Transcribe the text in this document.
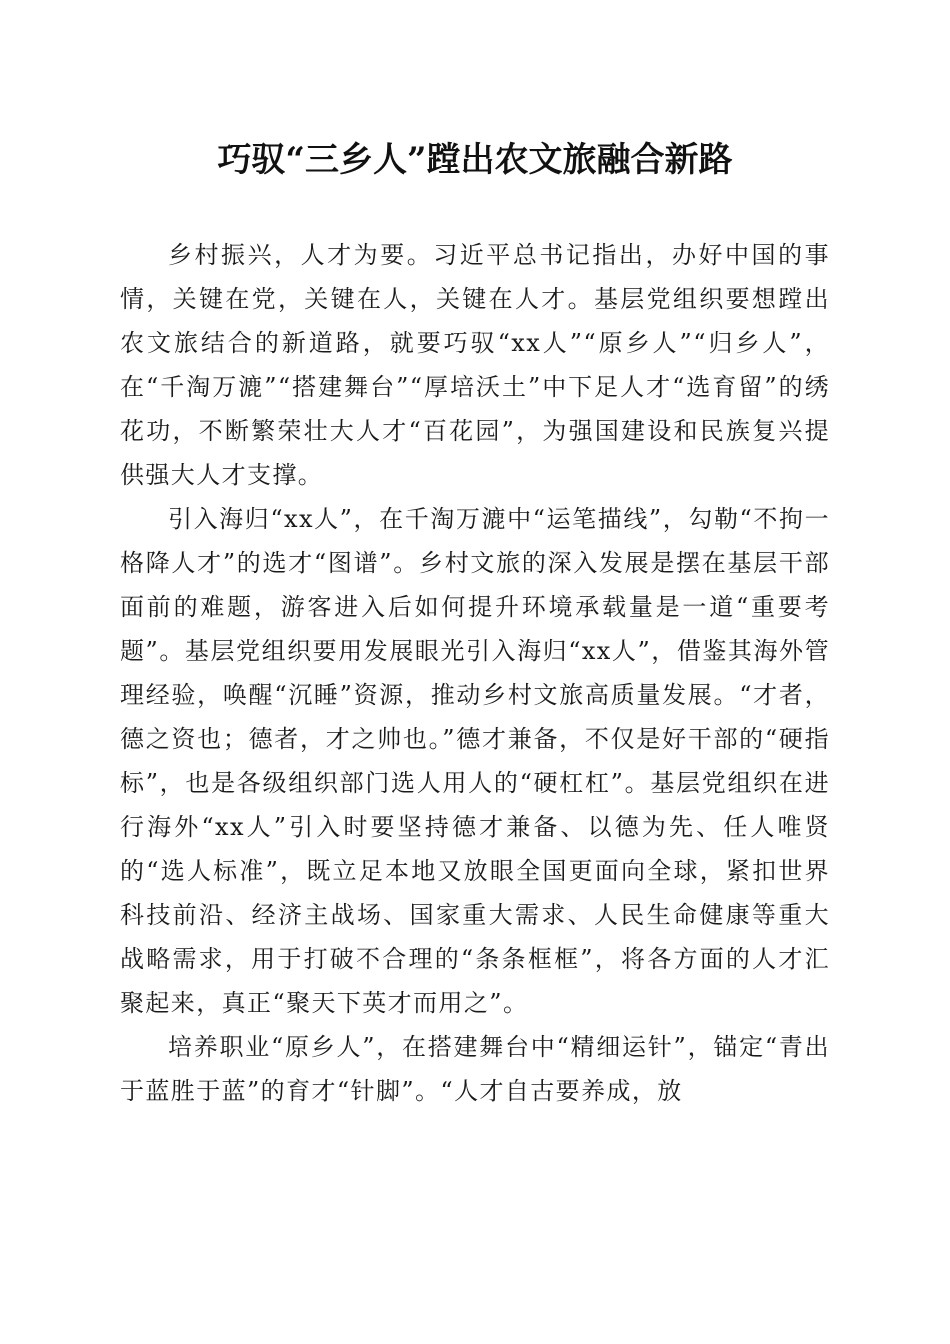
巧驭“三乡人”蹚出农文旅融合新路

乡村振兴，人才为要。习近平总书记指出，办好中国的事情，关键在党，关键在人，关键在人才。基层党组织要想蹚出农文旅结合的新道路，就要巧驭“xx人”“原乡人”“归乡人”，在“千淘万漉”“搭建舞台”“厚培沃土”中下足人才“选育留”的绣花功，不断繁荣壮大人才“百花园”，为强国建设和民族复兴提供强大人才支撑。

引入海归“xx人”，在千淘万漉中“运笔描线”，勾勒“不拘一格降人才”的选才“图谱”。乡村文旅的深入发展是摆在基层干部面前的难题，游客进入后如何提升环境承载量是一道“重要考题”。基层党组织要用发展眼光引入海归“xx人”，借鉴其海外管理经验，唤醒“沉睡”资源，推动乡村文旅高质量发展。“才者，德之资也；德者，才之帅也。”德才兼备，不仅是好干部的“硬指标”，也是各级组织部门选人用人的“硬杠杠”。基层党组织在进行海外“xx人”引入时要坚持德才兼备、以德为先、任人唯贤的“选人标准”，既立足本地又放眼全国更面向全球，紧扣世界科技前沿、经济主战场、国家重大需求、人民生命健康等重大战略需求，用于打破不合理的“条条框框”，将各方面的人才汇聚起来，真正“聚天下英才而用之”。

培养职业“原乡人”，在搭建舞台中“精细运针”，锚定“青出于蓝胜于蓝”的育才“针脚”。“人才自古要养成，放
